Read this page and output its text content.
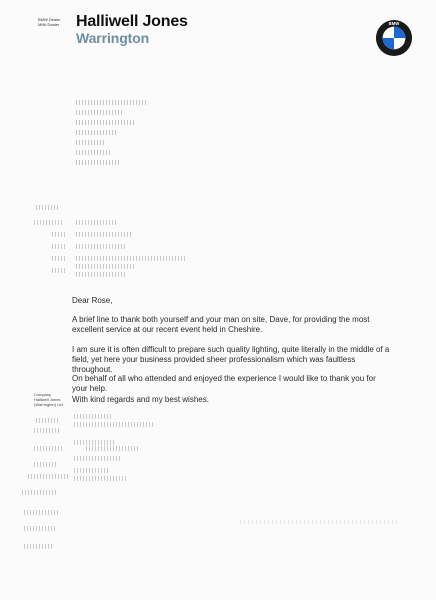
BMW Dealer
MINI Dealer Halliwell Jones
Warrington
BMW
Dear Rose,
A brief line to thank both yourself and your man on site, Dave, for providing the most excellent service at our recent event held in Cheshire.
I am sure it is often difficult to prepare such quality lighting, quite literally in the middle of a field, yet here your business provided sheer professionalism which was faultless throughout.
On behalf of all who attended and enjoyed the experience I would like to thank you for your help.
With kind regards and my best wishes.
Company
Halliwell Jones
(Warrington) Ltd
